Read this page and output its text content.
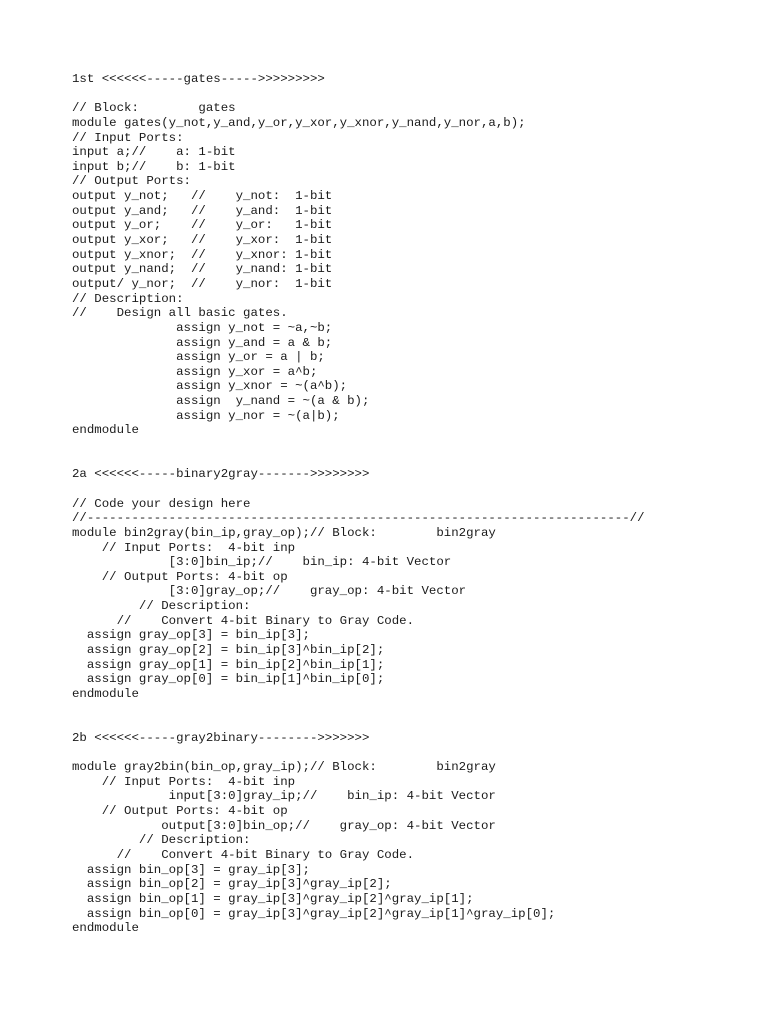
1st <<<<<<-----gates----->>>>>>>>>
// Block:        gates
module gates(y_not,y_and,y_or,y_xor,y_xnor,y_nand,y_nor,a,b);
// Input Ports:
input a;//    a: 1-bit
input b;//    b: 1-bit
// Output Ports:
output y_not;   //    y_not:  1-bit
output y_and;   //    y_and:  1-bit
output y_or;    //    y_or:   1-bit
output y_xor;   //    y_xor:  1-bit
output y_xnor;  //    y_xnor: 1-bit
output y_nand;  //    y_nand: 1-bit
output/ y_nor;  //    y_nor:  1-bit
// Description:
//    Design all basic gates.
assign y_not = ~a,~b;
assign y_and = a & b;
assign y_or = a | b;
assign y_xor = a^b;
assign y_xnor = ~(a^b);
assign  y_nand = ~(a & b);
assign y_nor = ~(a|b);
endmodule
2a <<<<<<-----binary2gray------->>>>>>>>
// Code your design here
//-------------------------------------------------------------------------//
module bin2gray(bin_ip,gray_op);// Block:        bin2gray
// Input Ports:  4-bit inp
[3:0]bin_ip;//    bin_ip: 4-bit Vector
// Output Ports: 4-bit op
[3:0]gray_op;//    gray_op: 4-bit Vector
// Description:
//    Convert 4-bit Binary to Gray Code.
assign gray_op[3] = bin_ip[3];
assign gray_op[2] = bin_ip[3]^bin_ip[2];
assign gray_op[1] = bin_ip[2]^bin_ip[1];
assign gray_op[0] = bin_ip[1]^bin_ip[0];
endmodule
2b <<<<<<-----gray2binary-------->>>>>>>
module gray2bin(bin_op,gray_ip);// Block:        bin2gray
// Input Ports:  4-bit inp
input[3:0]gray_ip;//    bin_ip: 4-bit Vector
// Output Ports: 4-bit op
output[3:0]bin_op;//    gray_op: 4-bit Vector
// Description:
//    Convert 4-bit Binary to Gray Code.
assign bin_op[3] = gray_ip[3];
assign bin_op[2] = gray_ip[3]^gray_ip[2];
assign bin_op[1] = gray_ip[3]^gray_ip[2]^gray_ip[1];
assign bin_op[0] = gray_ip[3]^gray_ip[2]^gray_ip[1]^gray_ip[0];
endmodule
